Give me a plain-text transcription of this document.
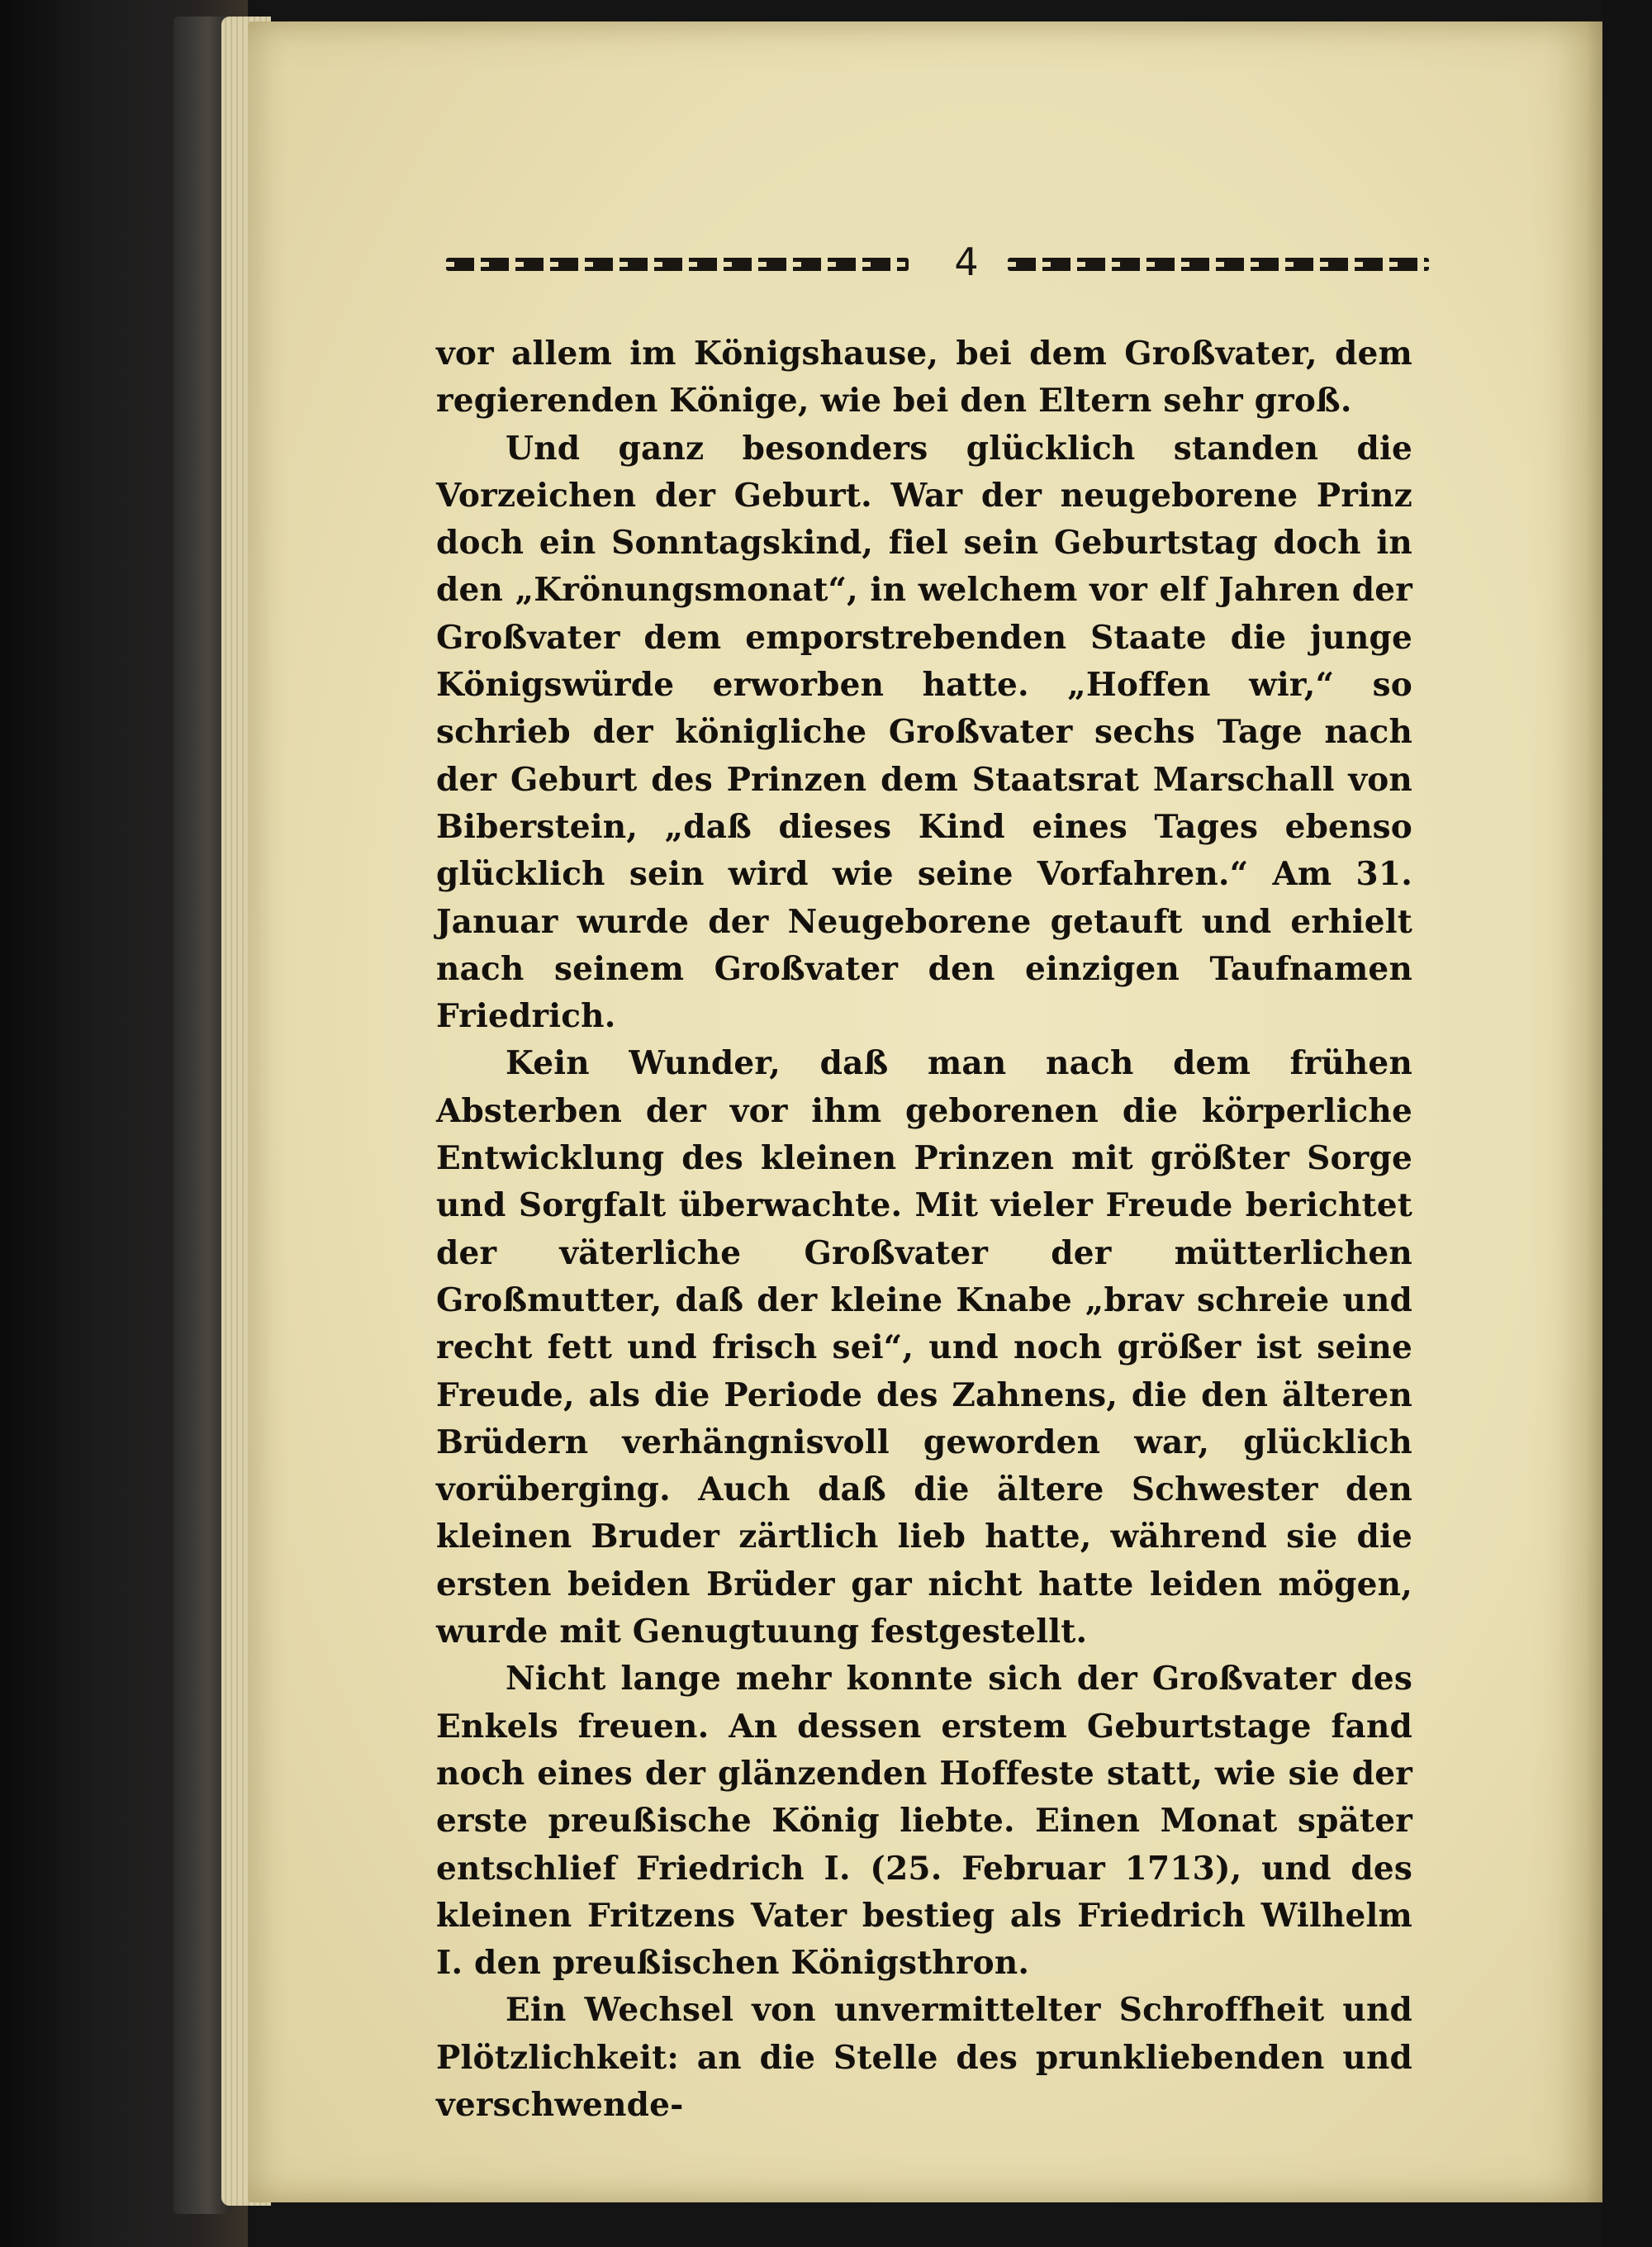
4

vor allem im Königshause, bei dem Großvater, dem regierenden Könige, wie bei den Eltern sehr groß.

Und ganz besonders glücklich standen die Vorzeichen der Geburt. War der neugeborene Prinz doch ein Sonntagskind, fiel sein Geburtstag doch in den „Krönungsmonat“, in welchem vor elf Jahren der Großvater dem emporstrebenden Staate die junge Königswürde erworben hatte. „Hoffen wir,“ so schrieb der königliche Großvater sechs Tage nach der Geburt des Prinzen dem Staatsrat Marschall von Biberstein, „daß dieses Kind eines Tages ebenso glücklich sein wird wie seine Vorfahren.“ Am 31. Januar wurde der Neugeborene getauft und erhielt nach seinem Großvater den einzigen Taufnamen Friedrich.

Kein Wunder, daß man nach dem frühen Absterben der vor ihm geborenen die körperliche Entwicklung des kleinen Prinzen mit größter Sorge und Sorgfalt überwachte. Mit vieler Freude berichtet der väterliche Großvater der mütterlichen Großmutter, daß der kleine Knabe „brav schreie und recht fett und frisch sei“, und noch größer ist seine Freude, als die Periode des Zahnens, die den älteren Brüdern verhängnisvoll geworden war, glücklich vorüberging. Auch daß die ältere Schwester den kleinen Bruder zärtlich lieb hatte, während sie die ersten beiden Brüder gar nicht hatte leiden mögen, wurde mit Genugtuung festgestellt.

Nicht lange mehr konnte sich der Großvater des Enkels freuen. An dessen erstem Geburtstage fand noch eines der glänzenden Hoffeste statt, wie sie der erste preußische König liebte. Einen Monat später entschlief Friedrich I. (25. Februar 1713), und des kleinen Fritzens Vater bestieg als Friedrich Wilhelm I. den preußischen Königsthron.

Ein Wechsel von unvermittelter Schroffheit und Plötzlichkeit: an die Stelle des prunkliebenden und verschwende-
